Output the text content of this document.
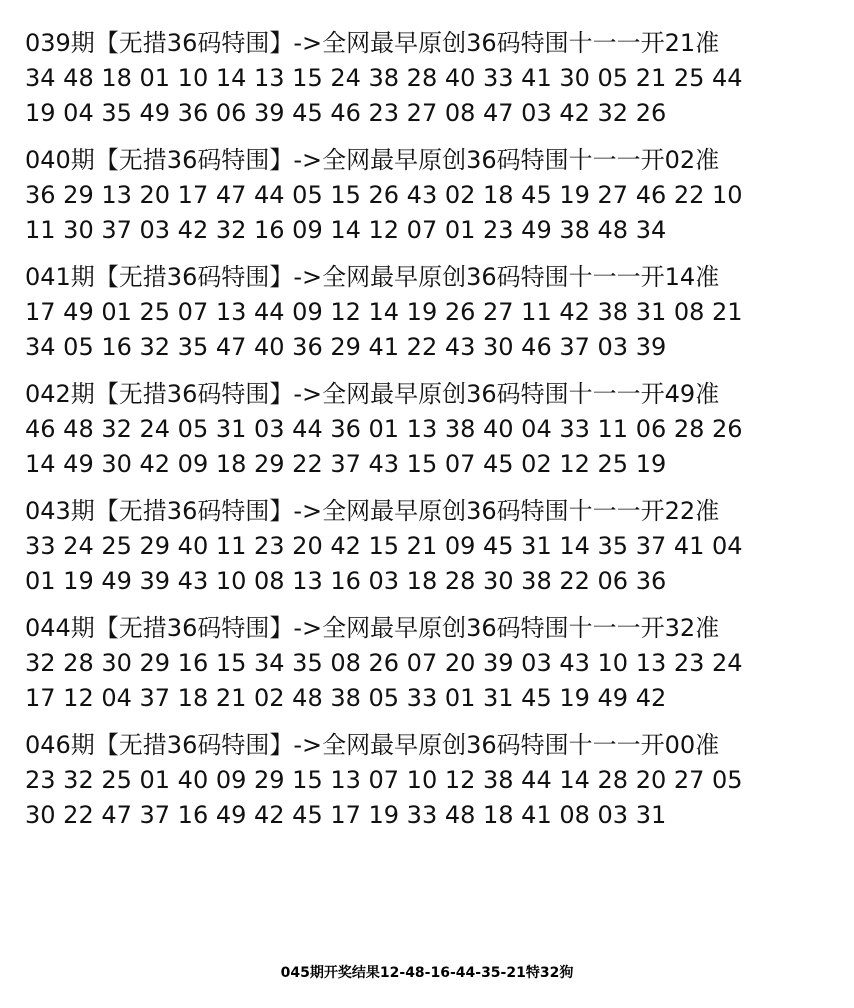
039期【无措36码特围】->全网最早原创36码特围十一一开21准
34 48 18 01 10 14 13 15 24 38 28 40 33 41 30 05 21 25 44
19 04 35 49 36 06 39 45 46 23 27 08 47 03 42 32 26
040期【无措36码特围】->全网最早原创36码特围十一一开02准
36 29 13 20 17 47 44 05 15 26 43 02 18 45 19 27 46 22 10
11 30 37 03 42 32 16 09 14 12 07 01 23 49 38 48 34
041期【无措36码特围】->全网最早原创36码特围十一一开14准
17 49 01 25 07 13 44 09 12 14 19 26 27 11 42 38 31 08 21
34 05 16 32 35 47 40 36 29 41 22 43 30 46 37 03 39
042期【无措36码特围】->全网最早原创36码特围十一一开49准
46 48 32 24 05 31 03 44 36 01 13 38 40 04 33 11 06 28 26
14 49 30 42 09 18 29 22 37 43 15 07 45 02 12 25 19
043期【无措36码特围】->全网最早原创36码特围十一一开22准
33 24 25 29 40 11 23 20 42 15 21 09 45 31 14 35 37 41 04
01 19 49 39 43 10 08 13 16 03 18 28 30 38 22 06 36
044期【无措36码特围】->全网最早原创36码特围十一一开32准
32 28 30 29 16 15 34 35 08 26 07 20 39 03 43 10 13 23 24
17 12 04 37 18 21 02 48 38 05 33 01 31 45 19 49 42
046期【无措36码特围】->全网最早原创36码特围十一一开00准
23 32 25 01 40 09 29 15 13 07 10 12 38 44 14 28 20 27 05
30 22 47 37 16 49 42 45 17 19 33 48 18 41 08 03 31
045期开奖结果12-48-16-44-35-21特32狗
